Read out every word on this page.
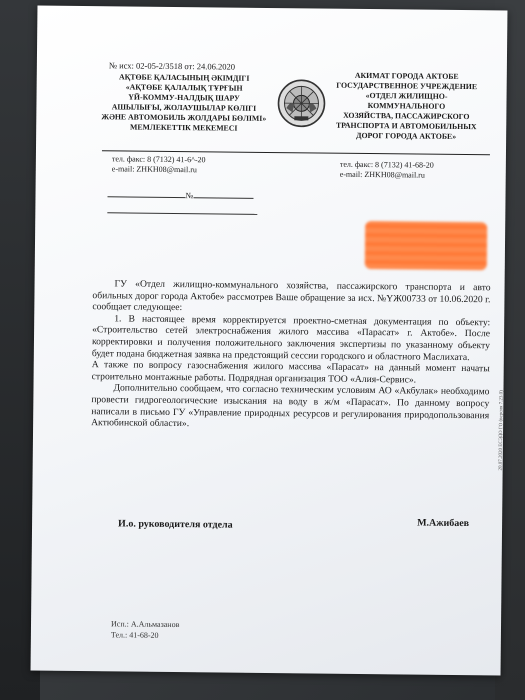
№ исх: 02-05-2/3518 от: 24.06.2020
АҚТӨБЕ ҚАЛАСЫНЫҢ ӘКІМДІГІ
«АҚТӨБЕ ҚАЛАЛЫҚ ТҰРҒЫН
ҮЙ-КОММУ-НАЛДЫҚ ШАРУ
АШЫЛЫҒЫ, ЖОЛАУШЫЛАР КӨЛІГІ
ЖӘНЕ АВТОМОБИЛЬ ЖОЛДАРЫ БӨЛІМІ»
МЕМЛЕКЕТТІК МЕКЕМЕСІ
АКИМАТ ГОРОДА АКТОБЕ
ГОСУДАРСТВЕННОЕ УЧРЕЖДЕНИЕ
«ОТДЕЛ ЖИЛИЩНО-КОММУНАЛЬНОГО
ХОЗЯЙСТВА, ПАССАЖИРСКОГО
ТРАНСПОРТА И АВТОМОБИЛЬНЫХ
ДОРОГ ГОРОДА АКТОБЕ»
тел. факс: 8 (7132) 41-6^-20
e-mail: ZHKH08@mail.ru	тел. факс: 8 (7132) 41-68-20
e-mail: ZHKH08@mail.ru
№

ГУ «Отдел жилищно-коммунального хозяйства, пассажирского транспорта и авто обильных дорог города Актобе» рассмотрев Ваше обращение за исх. №ҮЖ00733 от 10.06.2020 г. сообщает следующее:

1. В настоящее время корректируется проектно-сметная документация по объекту: «Строительство сетей электроснабжения жилого массива «Парасат» г. Актобе». После корректировки и получения положительного заключения экспертизы по указанному объекту будет подана бюджетная заявка на предстоящий сессии городского и областного Маслихата.

А также по вопросу газоснабжения жилого массива «Парасат» на данный момент начаты строительно монтажные работы. Подрядная организация ТОО «Алия-Сервис».

Дополнительно сообщаем, что согласно техническим условиям АО «Акбулак» необходимо провести гидрогеологические изыскания на воду в ж/м «Парасат». По данному вопросу написали в письмо ГУ «Управление природных ресурсов и регулирования природопользования Актюбинской области».

И.о. руководителя отдела	М.Ажибаев
20.07.2020 ЕСЭДО ГО (версия 7.23.0)
Исп.: А.Альмазанов
Тел.: 41-68-20
